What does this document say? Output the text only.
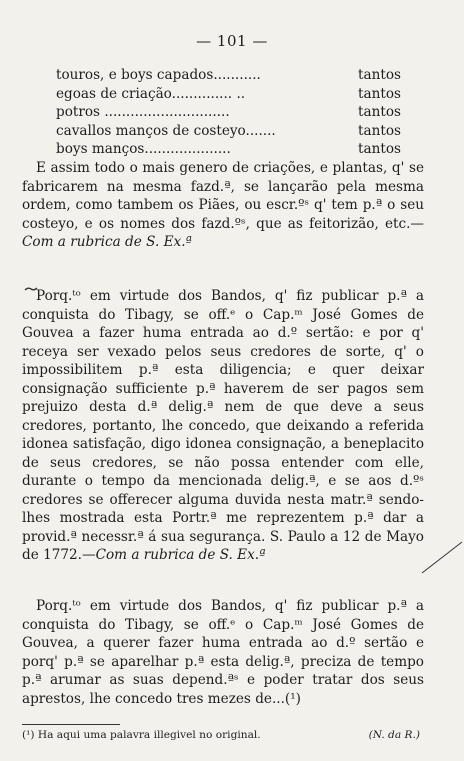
— 101 —
touros, e boys capados...........	tantos
egoas de criação.............. ..	tantos
potros .............................	tantos
cavallos manços de costeyo.......	tantos
boys manços....................	tantos
E assim todo o mais genero de criações, e plantas, q' se fabricarem na mesma fazd.ª, se lançarão pela mesma ordem, como tambem os Piães, ou escr.ºˢ q' tem p.ª o seu costeyo, e os nomes dos fazd.ºˢ, que as feitorizão, etc.—Com a rubrica de S. Ex.ª
Porq.ᵗᵒ em virtude dos Bandos, q' fiz publicar p.ª a conquista do Tibagy, se off.ᵉ o Cap.ᵐ José Gomes de Gouvea a fazer huma entrada ao d.º sertão: e por q' receya ser vexado pelos seus credores de sorte, q' o impossibilitem p.ª esta diligencia; e quer deixar consignação sufficiente p.ª haverem de ser pagos sem prejuizo desta d.ª delig.ª nem de que deve a seus credores, portanto, lhe concedo, que deixando a referida idonea satisfação, digo idonea consignação, a beneplacito de seus credores, se não possa entender com elle, durante o tempo da mencionada delig.ª, e se aos d.ºˢ credores se offerecer alguma duvida nesta matr.ª sendo-lhes mostrada esta Portr.ª me reprezentem p.ª dar a provid.ª necessr.ª á sua segurança. S. Paulo a 12 de Mayo de 1772.—Com a rubrica de S. Ex.ª
Porq.ᵗᵒ em virtude dos Bandos, q' fiz publicar p.ª a conquista do Tibagy, se off.ᵉ o Cap.ᵐ José Gomes de Gouvea, a querer fazer huma entrada ao d.º sertão e porq' p.ª se aparelhar p.ª esta delig.ª, preciza de tempo p.ª arumar as suas depend.ªˢ e poder tratar dos seus aprestos, lhe concedo tres mezes de...(¹)
(¹) Ha aqui uma palavra illegivel no original.	(N. da R.)
